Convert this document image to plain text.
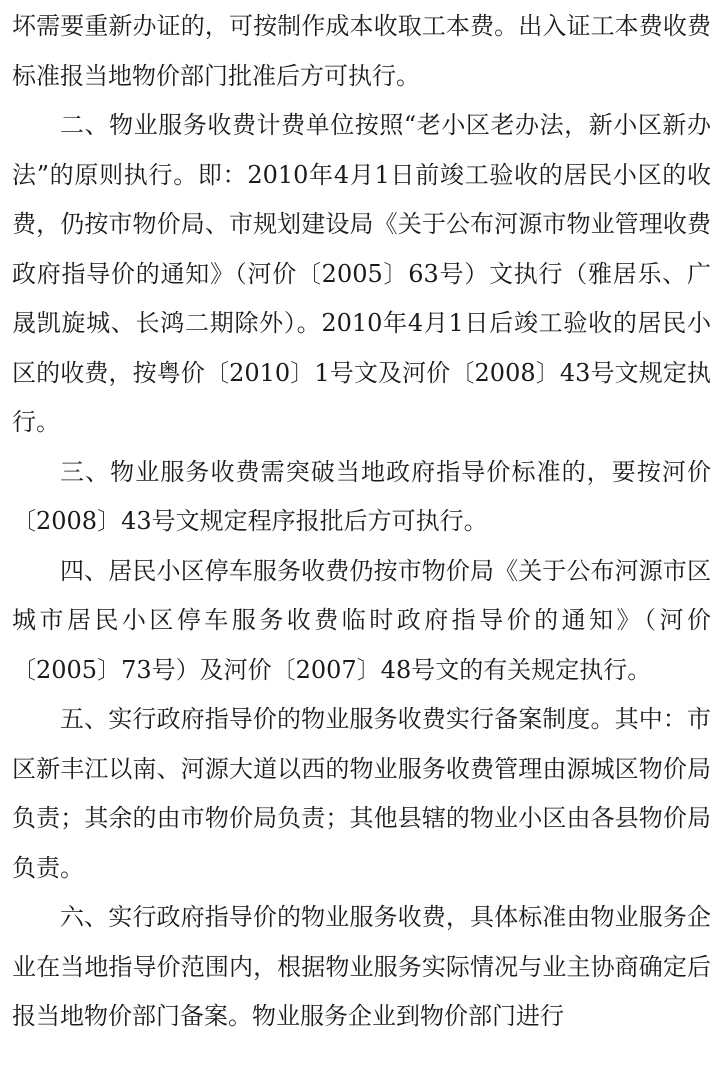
坏需要重新办证的，可按制作成本收取工本费。出入证工本费收费标准报当地物价部门批准后方可执行。

二、物业服务收费计费单位按照“老小区老办法，新小区新办法”的原则执行。即：2010年4月1日前竣工验收的居民小区的收费，仍按市物价局、市规划建设局《关于公布河源市物业管理收费政府指导价的通知》（河价〔2005〕63号）文执行（雅居乐、广晟凯旋城、长鸿二期除外）。2010年4月1日后竣工验收的居民小区的收费，按粤价〔2010〕1号文及河价〔2008〕43号文规定执行。

三、物业服务收费需突破当地政府指导价标准的，要按河价〔2008〕43号文规定程序报批后方可执行。

四、居民小区停车服务收费仍按市物价局《关于公布河源市区城市居民小区停车服务收费临时政府指导价的通知》（河价〔2005〕73号）及河价〔2007〕48号文的有关规定执行。

五、实行政府指导价的物业服务收费实行备案制度。其中：市区新丰江以南、河源大道以西的物业服务收费管理由源城区物价局负责；其余的由市物价局负责；其他县辖的物业小区由各县物价局负责。

六、实行政府指导价的物业服务收费，具体标准由物业服务企业在当地指导价范围内，根据物业服务实际情况与业主协商确定后报当地物价部门备案。物业服务企业到物价部门进行
